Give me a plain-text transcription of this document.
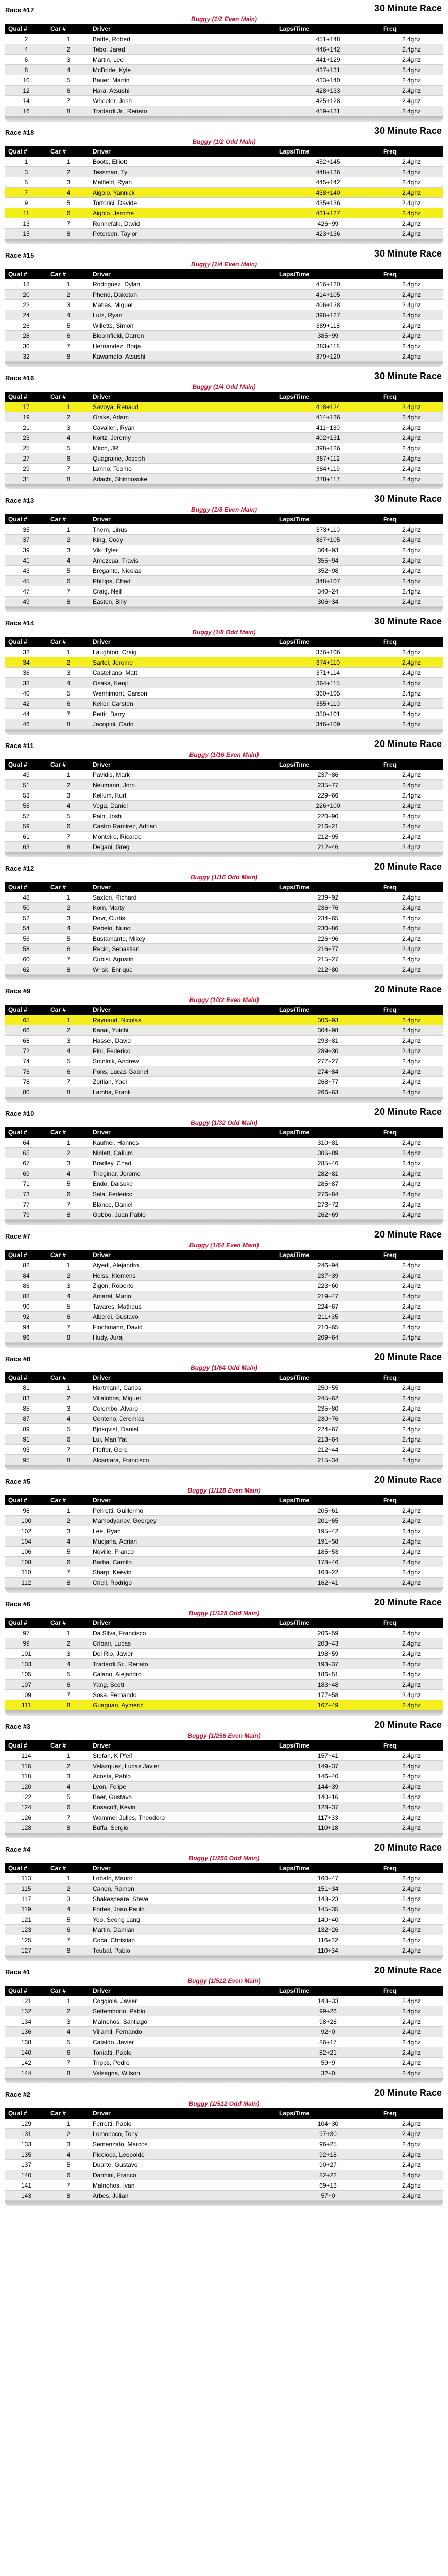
Race #17	30 Minute Race
Buggy (1/2 Even Main)
Qual #	Car #	Driver	Laps/Time	Freq
2	1	Battle, Robert	451+148	2.4ghz
4	2	Tebo, Jared	446+142	2.4ghz
6	3	Martin, Lee	441+129	2.4ghz
8	4	McBride, Kyle	437+131	2.4ghz
10	5	Bauer, Martin	433+140	2.4ghz
12	6	Hara, Atsushi	428+133	2.4ghz
14	7	Wheeler, Josh	425+128	2.4ghz
16	8	Tradardi Jr., Renato	419+131	2.4ghz
Race #18	30 Minute Race
Buggy (1/2 Odd Main)
Qual #	Car #	Driver	Laps/Time	Freq
1	1	Boots, Elliott	452+145	2.4ghz
3	2	Tessman, Ty	448+136	2.4ghz
5	3	Maifield, Ryan	445+142	2.4ghz
7	4	Aigolo, Yannick	438+140	2.4ghz
9	5	Tortorici, Davide	435+136	2.4ghz
11	6	Aigolo, Jerome	431+127	2.4ghz
13	7	Ronnefalk, David	426+99	2.4ghz
15	8	Petersen, Taylor	423+136	2.4ghz
Race #15	30 Minute Race
Buggy (1/4 Even Main)
Qual #	Car #	Driver	Laps/Time	Freq
18	1	Rodriguez, Dylan	416+120	2.4ghz
20	2	Phend, Dakotah	414+105	2.4ghz
22	3	Matias, Miguel	406+128	2.4ghz
24	4	Lutz, Ryan	398+127	2.4ghz
26	5	Willetts, Simon	389+118	2.4ghz
28	6	Bloomfield, Darren	385+99	2.4ghz
30	7	Hernandez, Borja	383+118	2.4ghz
32	8	Kawamoto, Atsushi	379+120	2.4ghz
Race #16	30 Minute Race
Buggy (1/4 Odd Main)
Qual #	Car #	Driver	Laps/Time	Freq
17	1	Savoya, Renaud	418+124	2.4ghz
19	2	Orake, Adam	414+136	2.4ghz
21	3	Cavalleri, Ryan	411+130	2.4ghz
23	4	Kortz, Jeremy	402+131	2.4ghz
25	5	Mitch, JR	398+126	2.4ghz
27	6	Quagraine, Joseph	387+112	2.4ghz
29	7	Lahno, Toomo	384+119	2.4ghz
31	8	Adachi, Shinnosuke	378+117	2.4ghz
Race #13	30 Minute Race
Buggy (1/8 Even Main)
Qual #	Car #	Driver	Laps/Time	Freq
35	1	Thern, Linus	373+110	2.4ghz
37	2	King, Cody	367+105	2.4ghz
39	3	Vik, Tyler	364+93	2.4ghz
41	4	Amezcua, Travis	355+94	2.4ghz
43	5	Bregante, Nicolas	352+98	2.4ghz
45	6	Phillips, Chad	348+107	2.4ghz
47	7	Craig, Neil	340+24	2.4ghz
49	8	Easton, Billy	306+34	2.4ghz
Race #14	30 Minute Race
Buggy (1/8 Odd Main)
Qual #	Car #	Driver	Laps/Time	Freq
32	1	Laughton, Craig	376+106	2.4ghz
34	2	Sartel, Jerome	374+110	2.4ghz
36	3	Castellano, Matt	371+114	2.4ghz
38	4	Osaka, Kenji	364+115	2.4ghz
40	5	Wennimont, Carson	360+105	2.4ghz
42	6	Keller, Carsten	355+110	2.4ghz
44	7	Pettit, Barry	350+101	2.4ghz
46	8	Jacopini, Carlo	346+109	2.4ghz
Race #11	20 Minute Race
Buggy (1/16 Even Main)
Qual #	Car #	Driver	Laps/Time	Freq
49	1	Pavidis, Mark	237+86	2.4ghz
51	2	Neumann, Jorn	235+77	2.4ghz
53	3	Kellum, Kurt	229+66	2.4ghz
55	4	Vega, Daniel	226+100	2.4ghz
57	5	Pain, Josh	220+90	2.4ghz
59	6	Castro Ramirez, Adrian	216+21	2.4ghz
61	7	Monteiro, Ricardo	212+95	2.4ghz
63	8	Degani, Greg	212+46	2.4ghz
Race #12	20 Minute Race
Buggy (1/16 Odd Main)
Qual #	Car #	Driver	Laps/Time	Freq
48	1	Saxton, Richard	239+92	2.4ghz
50	2	Korn, Marty	236+76	2.4ghz
52	3	Dovr, Curtis	234+65	2.4ghz
54	4	Rebelo, Nuno	230+86	2.4ghz
56	5	Bustamante, Mikey	226+96	2.4ghz
58	6	Recio, Sebastian	216+77	2.4ghz
60	7	Cubisi, Agustin	215+27	2.4ghz
62	8	Wrisk, Enrique	212+80	2.4ghz
Race #9	20 Minute Race
Buggy (1/32 Even Main)
Qual #	Car #	Driver	Laps/Time	Freq
65	1	Raynaud, Nicolas	306+93	2.4ghz
66	2	Kanai, Yuichi	304+98	2.4ghz
68	3	Hassel, David	293+81	2.4ghz
72	4	Pini, Federico	289+30	2.4ghz
74	5	Smolnik, Andrew	277+27	2.4ghz
76	6	Pons, Lucas Gabriel	274+84	2.4ghz
78	7	Zorllan, Yael	268+77	2.4ghz
80	8	Lamba, Frank	266+63	2.4ghz
Race #10	20 Minute Race
Buggy (1/32 Odd Main)
Qual #	Car #	Driver	Laps/Time	Freq
64	1	Kaufner, Hannes	310+81	2.4ghz
65	2	Niblett, Callum	306+89	2.4ghz
67	3	Bradley, Chad	285+46	2.4ghz
69	4	Trieginar, Jerome	282+81	2.4ghz
71	5	Endo, Daisuke	285+87	2.4ghz
73	6	Sala, Federico	276+84	2.4ghz
77	7	Blanco, Daniel	273+72	2.4ghz
79	8	Gobbo, Juan Pablo	262+69	2.4ghz
Race #7	20 Minute Race
Buggy (1/64 Even Main)
Qual #	Car #	Driver	Laps/Time	Freq
82	1	Aiyedi, Alejandro	246+94	2.4ghz
84	2	Heiss, Klemens	237+39	2.4ghz
86	3	Zigon, Roberto	223+60	2.4ghz
88	4	Amaral, Mario	219+47	2.4ghz
90	5	Tavares, Matheus	224+67	2.4ghz
92	6	Alberdi, Gustavo	211+35	2.4ghz
94	7	Flochmann, David	210+65	2.4ghz
96	8	Hudy, Juraj	209+64	2.4ghz
Race #8	20 Minute Race
Buggy (1/64 Odd Main)
Qual #	Car #	Driver	Laps/Time	Freq
81	1	Hartmann, Carlos	250+55	2.4ghz
83	2	Villalobos, Miguel	245+62	2.4ghz
85	3	Colombo, Alvaro	235+80	2.4ghz
87	4	Centeno, Jeremias	230+76	2.4ghz
89	5	Bjokqvist, Daniel	224+67	2.4ghz
91	6	Lui, Man Yat	213+64	2.4ghz
93	7	Pfeffer, Gerd	212+44	2.4ghz
95	8	Alcantara, Francisco	215+34	2.4ghz
Race #5	20 Minute Race
Buggy (1/128 Even Main)
Qual #	Car #	Driver	Laps/Time	Freq
98	1	Pellrotti, Guillermo	205+61	2.4ghz
100	2	Mamodyanov, Georgey	201+65	2.4ghz
102	3	Lee, Ryan	195+42	2.4ghz
104	4	Mucjarla, Adrian	191+58	2.4ghz
106	5	Noville, Franco	185+53	2.4ghz
108	6	Barba, Camilo	178+46	2.4ghz
110	7	Sharp, Keevin	168+22	2.4ghz
112	8	Criell, Rodrigo	162+41	2.4ghz
Race #6	20 Minute Race
Buggy (1/128 Odd Main)
Qual #	Car #	Driver	Laps/Time	Freq
97	1	Da Silva, Francisco	206+59	2.4ghz
99	2	Crlbari, Lucas	203+43	2.4ghz
101	3	Del Rio, Javier	198+59	2.4ghz
103	4	Tradardi Sr., Renato	193+37	2.4ghz
105	5	Calano, Alejandro	186+51	2.4ghz
107	6	Yang, Scott	183+48	2.4ghz
109	7	Sosa, Fernando	177+58	2.4ghz
111	8	Guaguan, Aymeric	167+49	2.4ghz
Race #3	20 Minute Race
Buggy (1/256 Even Main)
Qual #	Car #	Driver	Laps/Time	Freq
114	1	Stefan, K Pfeif	157+41	2.4ghz
116	2	Velazquez, Lucas Javier	149+37	2.4ghz
118	3	Acosta, Pablo	146+40	2.4ghz
120	4	Lyon, Felipe	144+39	2.4ghz
122	5	Baer, Gustavo	140+16	2.4ghz
124	6	Kosacoff, Kevin	128+37	2.4ghz
126	7	Wammer Julles, Theodoro	117+33	2.4ghz
128	8	Buffa, Sergio	110+18	2.4ghz
Race #4	20 Minute Race
Buggy (1/256 Odd Main)
Qual #	Car #	Driver	Laps/Time	Freq
113	1	Lobato, Mauro	160+47	2.4ghz
115	2	Canon, Ramon	151+34	2.4ghz
117	3	Shakespeare, Steve	148+23	2.4ghz
119	4	Fortes, Joao Paulo	145+35	2.4ghz
121	5	Yeo, Seong Lang	140+40	2.4ghz
123	6	Martin, Damian	132+26	2.4ghz
125	7	Coca, Christian	116+32	2.4ghz
127	8	Teubal, Pablo	110+34	2.4ghz
Race #1	20 Minute Race
Buggy (1/512 Even Main)
Qual #	Car #	Driver	Laps/Time	Freq
121	1	Coggiola, Javier	143+33	2.4ghz
132	2	Settembrino, Pablo	99+26	2.4ghz
134	3	Malnohos, Santiago	98+28	2.4ghz
136	4	Villamil, Fernando	92+0	2.4ghz
138	5	Cataldo, Javier	86+17	2.4ghz
140	6	Toniatti, Pablo	82+21	2.4ghz
142	7	Tripps, Pedro	59+9	2.4ghz
144	8	Valsagna, Wilson	32+0	2.4ghz
Race #2	20 Minute Race
Buggy (1/512 Odd Main)
Qual #	Car #	Driver	Laps/Time	Freq
129	1	Ferretti, Pablo	104+30	2.4ghz
131	2	Lomonaco, Tony	97+30	2.4ghz
133	3	Semenzato, Marcos	96+25	2.4ghz
135	4	Piccioca, Leopoldo	92+18	2.4ghz
137	5	Duarte, Gustavo	90+27	2.4ghz
140	6	Danhini, Franco	82+22	2.4ghz
141	7	Malnohos, Ivan	69+13	2.4ghz
143	8	Arbes, Julian	57+0	2.4ghz
